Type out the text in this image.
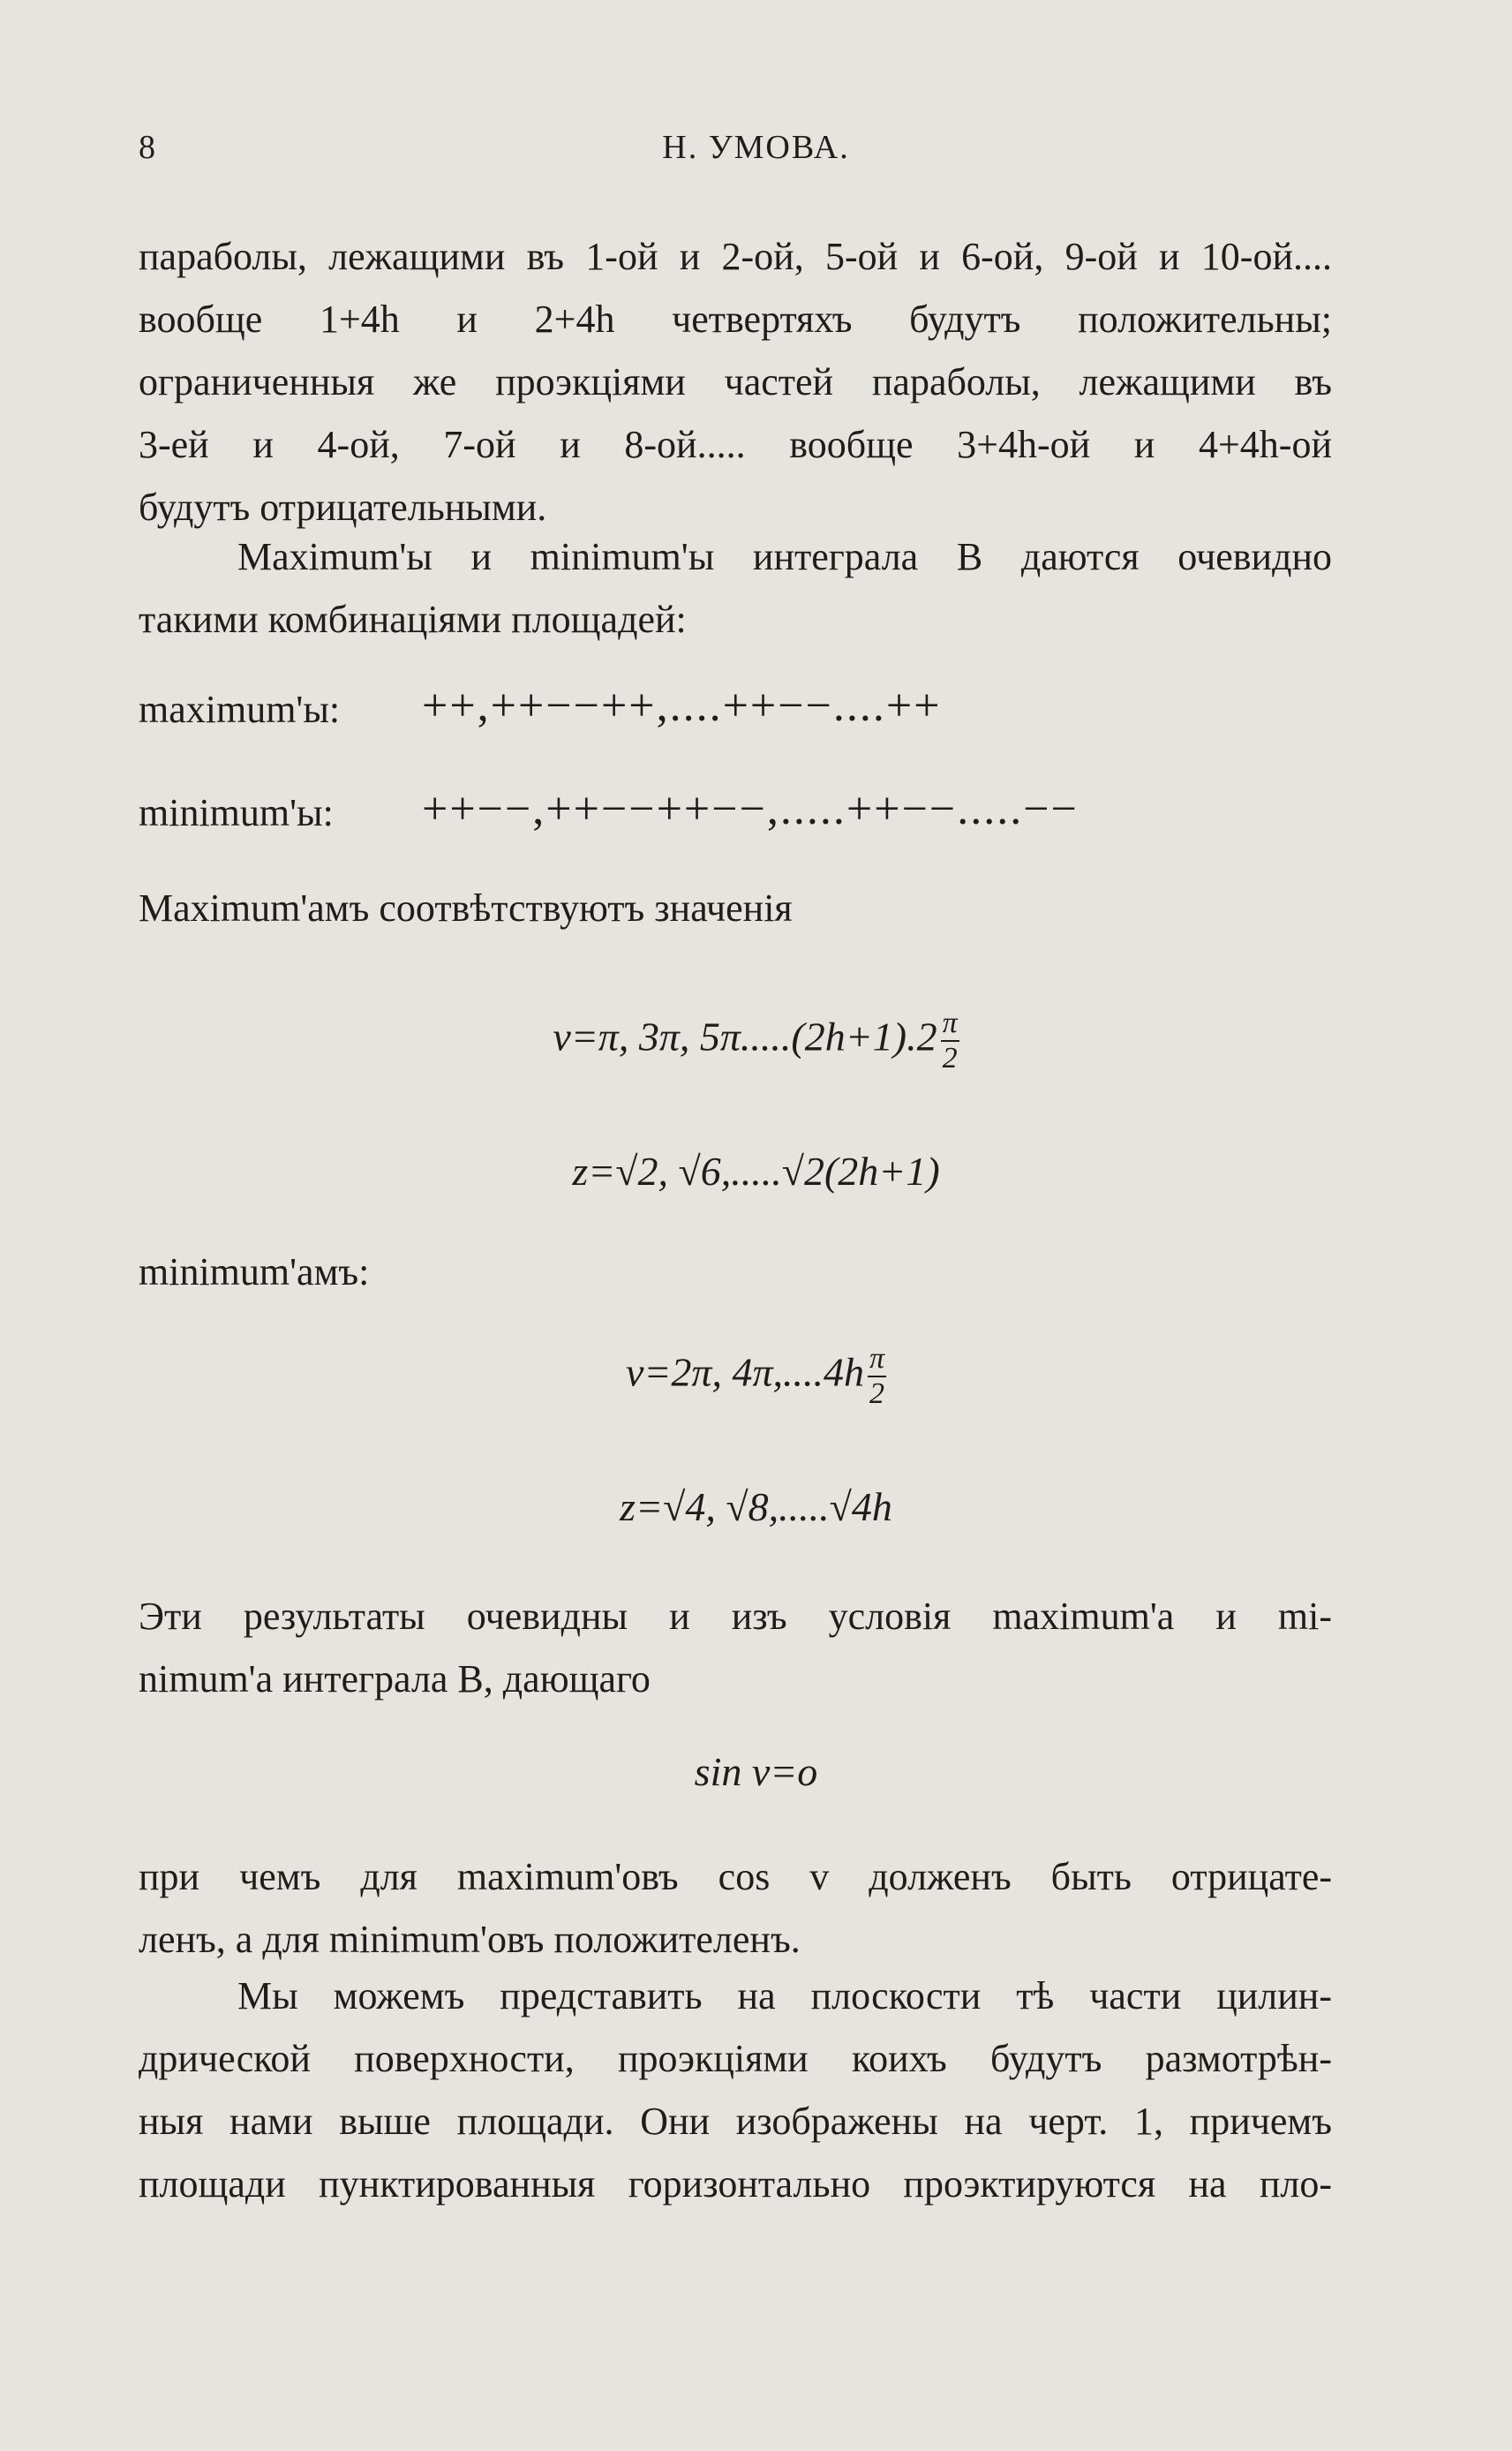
8	Н. УМОВА.
параболы, лежащими въ 1-ой и 2-ой, 5-ой и 6-ой, 9-ой и 10-ой....
вообще 1+4h и 2+4h четвертяхъ будутъ положительны;
ограниченныя же проэкціями частей параболы, лежащими въ
3-ей и 4-ой, 7-ой и 8-ой..... вообще 3+4h-ой и 4+4h-ой
будутъ отрицательными.
Maximum'ы и minimum'ы интеграла B даются очевидно
такими комбинаціями площадей:
maximum'ы: ++,++−−++,....++−−....++
minimum'ы: ++−−,++−−++−−,.....++−−.....−−
Maximum'амъ соотвѣтствуютъ значенія
v=π, 3π, $5\pi.....(2h+1).2 \frac{\pi}{2}$
z=√2, √6,.....√2(2h+1)
minimum'амъ:
v=2π, $4\pi,....4h \frac{\pi}{2}$
z=√4, √8,.....√4h
Эти результаты очевидны и изъ условія maximum'а и mi-
nimum'а интеграла B, дающаго
sin v=o
при чемъ для maximum'овъ cos v долженъ быть отрицате-
ленъ, а для minimum'овъ положителенъ.
Мы можемъ представить на плоскости тѣ части цилин-
дрической поверхности, проэкціями коихъ будутъ размотрѣн-
ныя нами выше площади. Они изображены на черт. 1, причемъ
площади пунктированныя горизонтально проэктируются на пло-
